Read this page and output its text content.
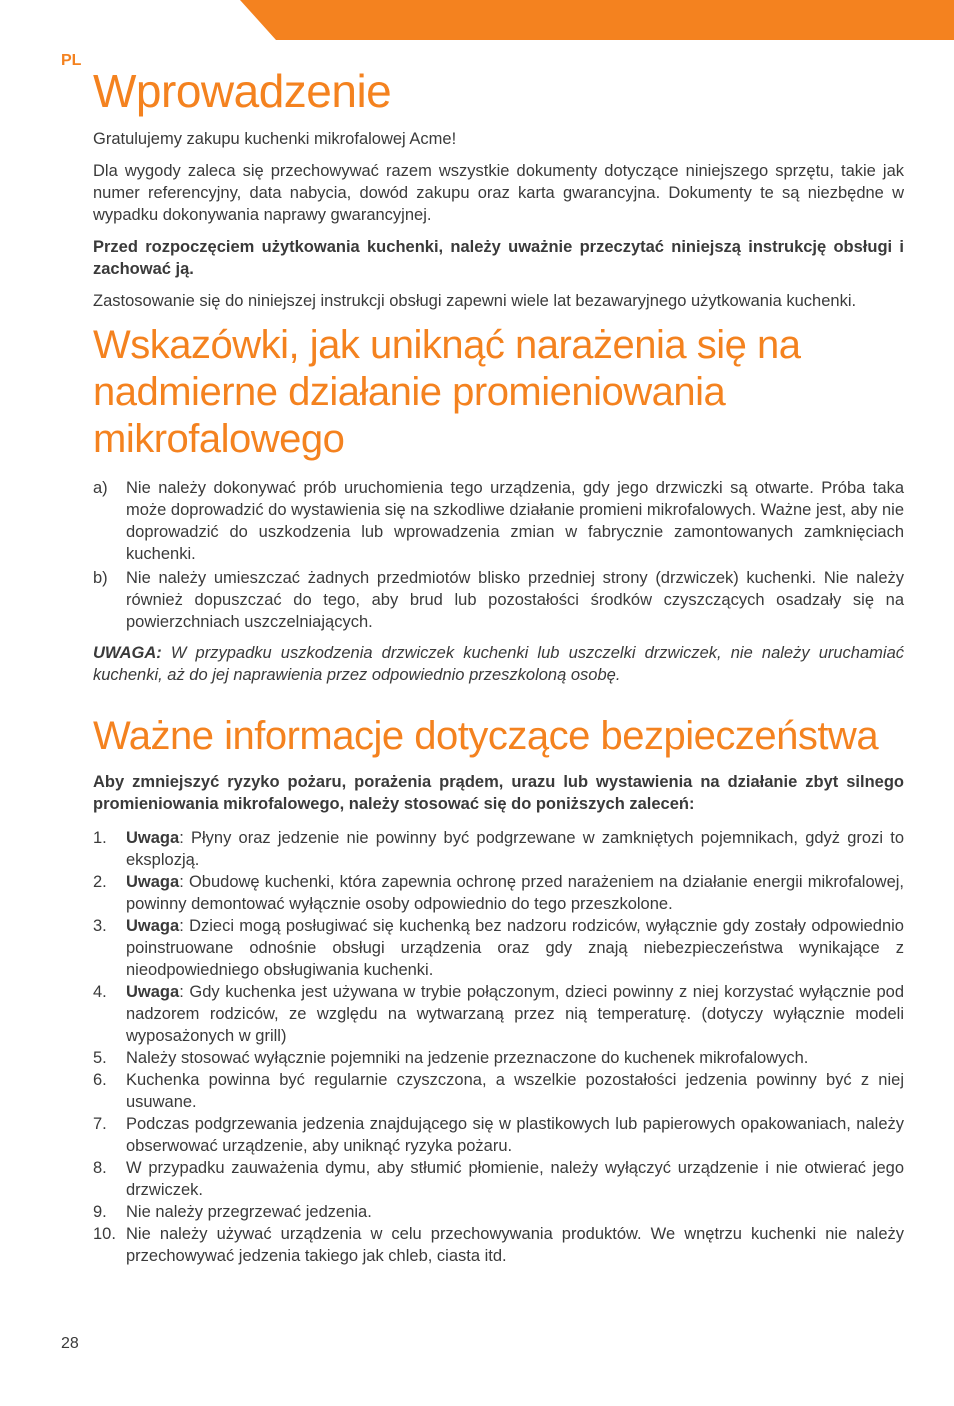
PL
Wprowadzenie

Gratulujemy zakupu kuchenki mikrofalowej Acme!

Dla wygody zaleca się przechowywać razem wszystkie dokumenty dotyczące niniejszego sprzętu, takie jak numer referencyjny, data nabycia, dowód zakupu oraz karta gwarancyjna. Dokumenty te są niezbędne w wypadku dokonywania naprawy gwarancyjnej.

Przed rozpoczęciem użytkowania kuchenki, należy uważnie przeczytać niniejszą instrukcję obsługi i zachować ją.

Zastosowanie się do niniejszej instrukcji obsługi zapewni wiele lat bezawaryjnego użytkowania kuchenki.

Wskazówki, jak uniknąć narażenia się na nadmierne działanie promieniowania mikrofalowego
a) Nie należy dokonywać prób uruchomienia tego urządzenia, gdy jego drzwiczki są otwarte. Próba taka może doprowadzić do wystawienia się na szkodliwe działanie promieni mikrofalowych. Ważne jest, aby nie doprowadzić do uszkodzenia lub wprowadzenia zmian w fabrycznie zamontowanych zamknięciach kuchenki.
b) Nie należy umieszczać żadnych przedmiotów blisko przedniej strony (drzwiczek) kuchenki. Nie należy również dopuszczać do tego, aby brud lub pozostałości środków czyszczących osadzały się na powierzchniach uszczelniających.

UWAGA: W przypadku uszkodzenia drzwiczek kuchenki lub uszczelki drzwiczek, nie należy uruchamiać kuchenki, aż do jej naprawienia przez odpowiednio przeszkoloną osobę.

Ważne informacje dotyczące bezpieczeństwa

Aby zmniejszyć ryzyko pożaru, porażenia prądem, urazu lub wystawienia na działanie zbyt silnego promieniowania mikrofalowego, należy stosować się do poniższych zaleceń:

1. Uwaga: Płyny oraz jedzenie nie powinny być podgrzewane w zamkniętych pojemnikach, gdyż grozi to eksplozją.
2. Uwaga: Obudowę kuchenki, która zapewnia ochronę przed narażeniem na działanie energii mikrofalowej, powinny demontować wyłącznie osoby odpowiednio do tego przeszkolone.
3. Uwaga: Dzieci mogą posługiwać się kuchenką bez nadzoru rodziców, wyłącznie gdy zostały odpowiednio poinstruowane odnośnie obsługi urządzenia oraz gdy znają niebezpieczeństwa wynikające z nieodpowiedniego obsługiwania kuchenki.
4. Uwaga: Gdy kuchenka jest używana w trybie połączonym, dzieci powinny z niej korzystać wyłącznie pod nadzorem rodziców, ze względu na wytwarzaną przez nią temperaturę. (dotyczy wyłącznie modeli wyposażonych w grill)
5. Należy stosować wyłącznie pojemniki na jedzenie przeznaczone do kuchenek mikrofalowych.
6. Kuchenka powinna być regularnie czyszczona, a wszelkie pozostałości jedzenia powinny być z niej usuwane.
7. Podczas podgrzewania jedzenia znajdującego się w plastikowych lub papierowych opakowaniach, należy obserwować urządzenie, aby uniknąć ryzyka pożaru.
8. W przypadku zauważenia dymu, aby stłumić płomienie, należy wyłączyć urządzenie i nie otwierać jego drzwiczek.
9. Nie należy przegrzewać jedzenia.
10. Nie należy używać urządzenia w celu przechowywania produktów. We wnętrzu kuchenki nie należy przechowywać jedzenia takiego jak chleb, ciasta itd.
28
